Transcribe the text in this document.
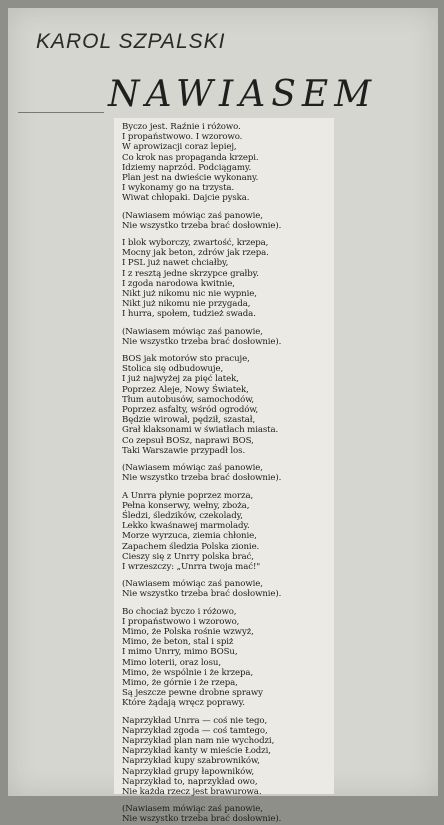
KAROL SZPALSKI
NAWIASEM
Byczo jest. Raźnie i różowo.
I propaństwowo. I wzorowo.
W aprowizacji coraz lepiej,
Co krok nas propaganda krzepi.
Idziemy naprzód. Podciągamy.
Plan jest na dwieście wykonany.
I wykonamy go na trzysta.
Wiwat chłopaki. Dajcie pyska.
(Nawiasem mówiąc zaś panowie,
Nie wszystko trzeba brać dosłownie).
I blok wyborczy, zwartość, krzepa,
Mocny jak beton, zdrów jak rzepa.
I PSL już nawet chciałby,
I z resztą jedne skrzypce grałby.
I zgoda narodowa kwitnie,
Nikt już nikomu nic nie wypnie,
Nikt już nikomu nie przygada,
I hurra, społem, tudzież swada.
(Nawiasem mówiąc zaś panowie,
Nie wszystko trzeba brać dosłownie).
BOS jak motorów sto pracuje,
Stolica się odbudowuje,
I już najwyżej za pięć latek,
Poprzez Aleje, Nowy Światek,
Tłum autobusów, samochodów,
Poprzez asfalty, wśród ogrodów,
Będzie wirował, pędził, szastał,
Grał klaksonami w światłach miasta.
Co zepsuł BOSz, naprawi BOS,
Taki Warszawie przypadł los.
(Nawiasem mówiąc zaś panowie,
Nie wszystko trzeba brać dosłownie).
A Unrra płynie poprzez morza,
Pełna konserwy, wełny, zboża,
Śledzi, śledzików, czekolady,
Lekko kwaśnawej marmolady.
Morze wyrzuca, ziemia chłonie,
Zapachem śledzia Polska zionie.
Cieszy się z Unrry polska brać,
I wrzeszczy: „Unrra twoja mać!"
(Nawiasem mówiąc zaś panowie,
Nie wszystko trzeba brać dosłownie).
Bo chociaż byczo i różowo,
I propaństwowo i wzorowo,
Mimo, że Polska rośnie wzwyż,
Mimo, że beton, stal i spiż
I mimo Unrry, mimo BOSu,
Mimo loterii, oraz losu,
Mimo, że wspólnie i że krzepa,
Mimo, że górnie i że rzepa,
Są jeszcze pewne drobne sprawy
Które żądają wręcz poprawy.
Naprzykład Unrra — coś nie tego,
Naprzykład zgoda — coś tamtego,
Naprzykład plan nam nie wychodzi,
Naprzykład kanty w mieście Łodzi,
Naprzykład kupy szabrowników,
Naprzykład grupy łapowników,
Naprzykład to, naprzykład owo,
Nie każda rzecz jest brawurowa.
(Nawiasem mówiąc zaś panowie,
Nie wszystko trzeba brać dosłownie).
